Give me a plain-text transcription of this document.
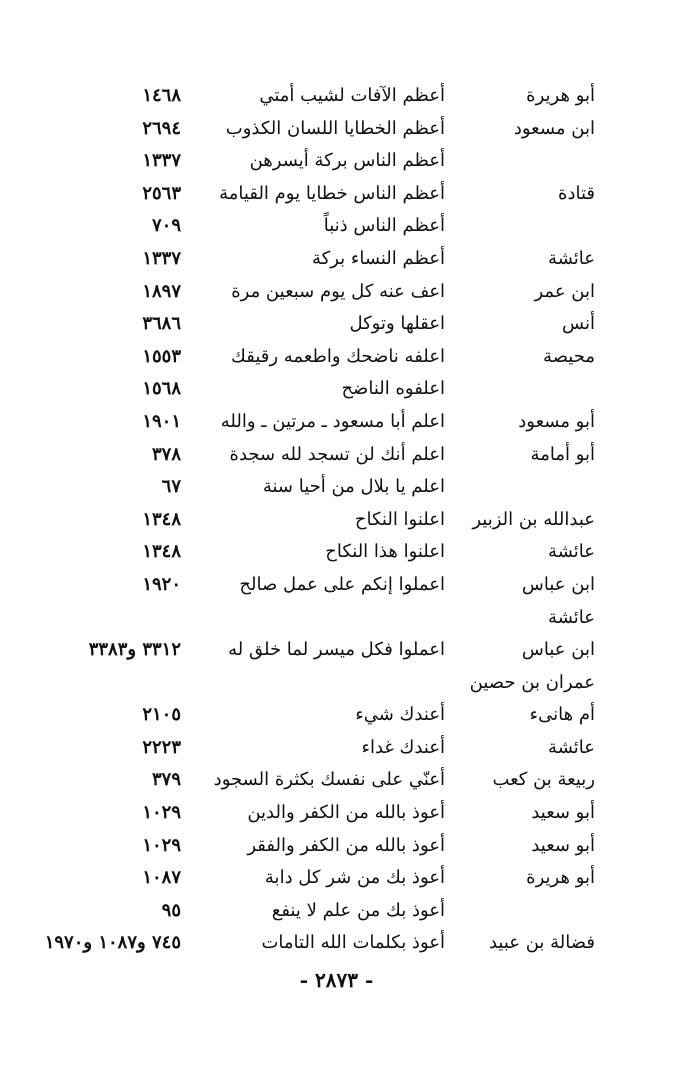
أبو هريرة
أعظم الآفات لشيب أمتي
١٤٦٨
ابن مسعود
أعظم الخطايا اللسان الكذوب
٢٦٩٤
أعظم الناس بركة أيسرهن
١٣٣٧
قتادة
أعظم الناس خطايا يوم القيامة
٢٥٦٣
أعظم الناس ذنباً
٧٠٩
عائشة
أعظم النساء بركة
١٣٣٧
ابن عمر
اعف عنه كل يوم سبعين مرة
١٨٩٧
أنس
اعقلها وتوكل
٣٦٨٦
محيصة
اعلفه ناضحك واطعمه رقيقك
١٥٥٣
اعلفوه الناضح
١٥٦٨
أبو مسعود
اعلم أبا مسعود ـ مرتين ـ والله
١٩٠١
أبو أمامة
اعلم أنك لن تسجد لله سجدة
٣٧٨
اعلم يا بلال من أحيا سنة
٦٧
عبدالله بن الزبير
اعلنوا النكاح
١٣٤٨
عائشة
اعلنوا هذا النكاح
١٣٤٨
ابن عباس
اعملوا إنكم على عمل صالح
١٩٢٠
عائشة
ابن عباس
اعملوا فكل ميسر لما خلق له
٣٣١٢ و٣٣٨٣
عمران بن حصين
أم هانىء
أعندك شيء
٢١٠٥
عائشة
أعندك غداء
٢٢٢٣
ربيعة بن كعب
أعنّي على نفسك بكثرة السجود
٣٧٩
أبو سعيد
أعوذ بالله من الكفر والدين
١٠٢٩
أبو سعيد
أعوذ بالله من الكفر والفقر
١٠٢٩
أبو هريرة
أعوذ بك من شر كل دابة
١٠٨٧
أعوذ بك من علم لا ينفع
٩٥
فضالة بن عبيد
أعوذ بكلمات الله التامات
٧٤٥ و١٠٨٧ و١٩٧٠
- ٢٨٧٣ -
